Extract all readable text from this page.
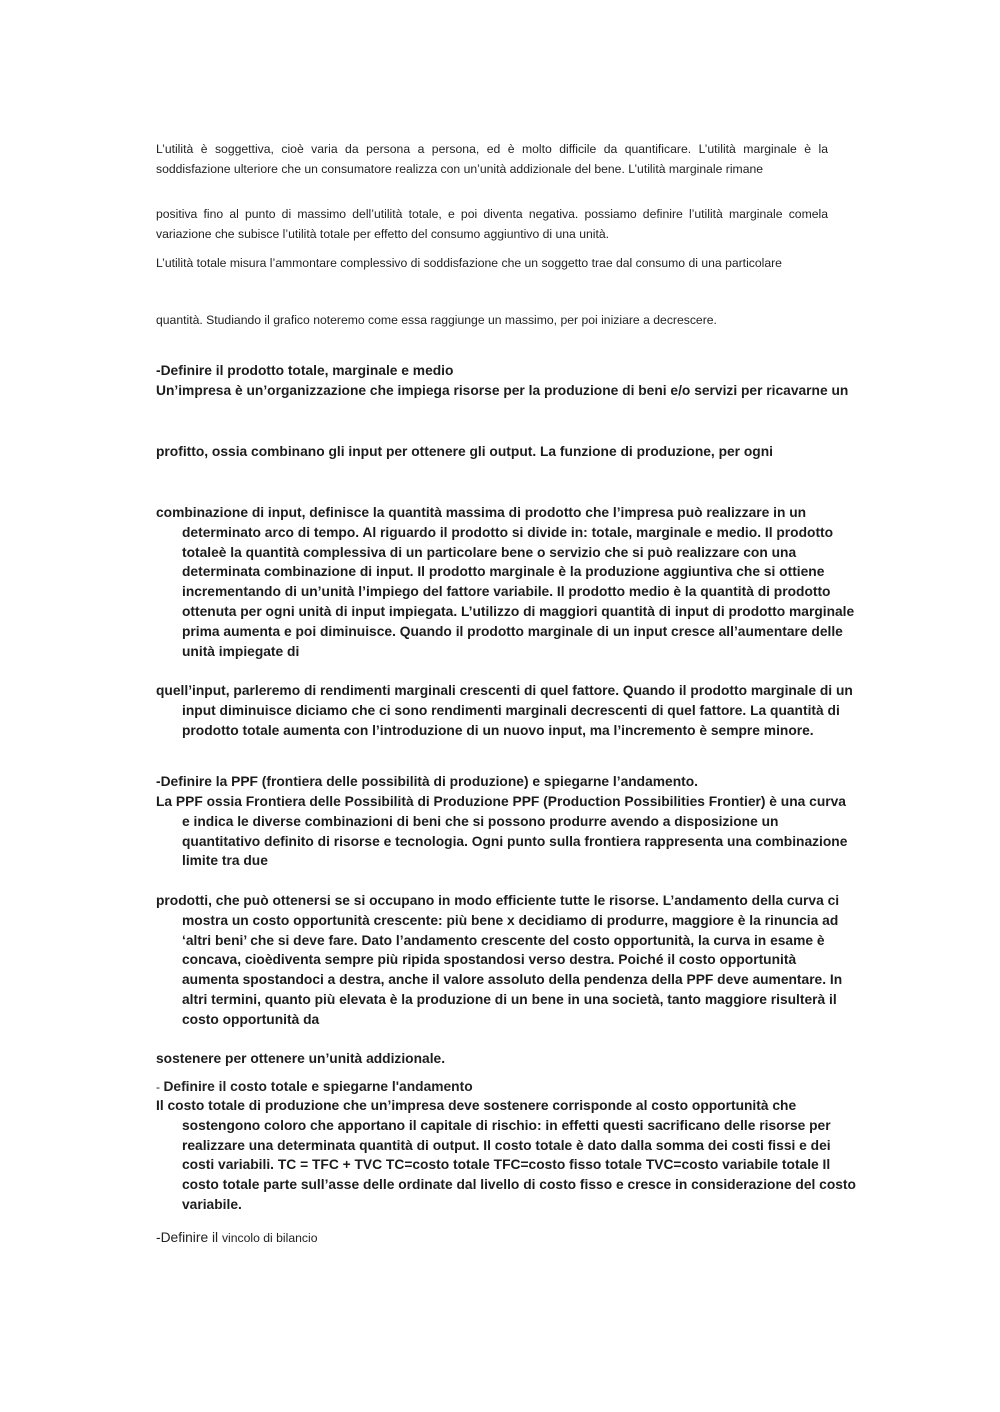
L’utilità è soggettiva, cioè varia da persona a persona, ed è molto difficile da quantificare. L’utilità marginale è la soddisfazione ulteriore che un consumatore realizza con un’unità addizionale del bene. L’utilità marginale rimane

positiva fino al punto di massimo dell’utilità totale, e poi diventa negativa. possiamo definire l’utilità marginale comela variazione che subisce l’utilità totale per effetto del consumo aggiuntivo di una unità.

L’utilità totale misura l’ammontare complessivo di soddisfazione che un soggetto trae dal consumo di una particolare

quantità. Studiando il grafico noteremo come essa raggiunge un massimo, per poi iniziare a decrescere.

-Definire il prodotto totale, marginale e medio

Un’impresa è un’organizzazione che impiega risorse per la produzione di beni e/o servizi per ricavarne un

profitto, ossia combinano gli input per ottenere gli output. La funzione di produzione, per ogni

combinazione di input, definisce la quantità massima di prodotto che l’impresa può realizzare in un determinato arco di tempo. Al riguardo il prodotto si divide in: totale, marginale e medio. Il prodotto totaleè la quantità complessiva di un particolare bene o servizio che si può realizzare con una determinata combinazione di input. Il prodotto marginale è la produzione aggiuntiva che si ottiene incrementando di un’unità l’impiego del fattore variabile. Il prodotto medio è la quantità di prodotto ottenuta per ogni unità di input impiegata. L’utilizzo di maggiori quantità di input di prodotto marginale prima aumenta e poi diminuisce. Quando il prodotto marginale di un input cresce all’aumentare delle unità impiegate di

quell’input, parleremo di rendimenti marginali crescenti di quel fattore. Quando il prodotto marginale di un input diminuisce diciamo che ci sono rendimenti marginali decrescenti di quel fattore. La quantità di prodotto totale aumenta con l’introduzione di un nuovo input, ma l’incremento è sempre minore.

-Definire la PPF (frontiera delle possibilità di produzione) e spiegarne l’andamento.

La PPF ossia Frontiera delle Possibilità di Produzione PPF (Production Possibilities Frontier) è una curva e indica le diverse combinazioni di beni che si possono produrre avendo a disposizione un quantitativo definito di risorse e tecnologia. Ogni punto sulla frontiera rappresenta una combinazione limite tra due

prodotti, che può ottenersi se si occupano in modo efficiente tutte le risorse. L’andamento della curva ci mostra un costo opportunità crescente: più bene x decidiamo di produrre, maggiore è la rinuncia ad ‘altri beni’ che si deve fare. Dato l’andamento crescente del costo opportunità, la curva in esame è concava, cioèdiventa sempre più ripida spostandosi verso destra. Poiché il costo opportunità aumenta spostandoci a destra, anche il valore assoluto della pendenza della PPF deve aumentare. In altri termini, quanto più elevata è la produzione di un bene in una società, tanto maggiore risulterà il costo opportunità da

sostenere per ottenere un’unità addizionale.

- Definire il costo totale e spiegarne l'andamento

Il costo totale di produzione che un’impresa deve sostenere corrisponde al costo opportunità che sostengono coloro che apportano il capitale di rischio: in effetti questi sacrificano delle risorse per realizzare una determinata quantità di output. Il costo totale è dato dalla somma dei costi fissi e dei costi variabili. TC = TFC + TVC TC=costo totale TFC=costo fisso totale TVC=costo variabile totale Il costo totale parte sull’asse delle ordinate dal livello di costo fisso e cresce in considerazione del costo variabile.

-Definire il vincolo di bilancio
